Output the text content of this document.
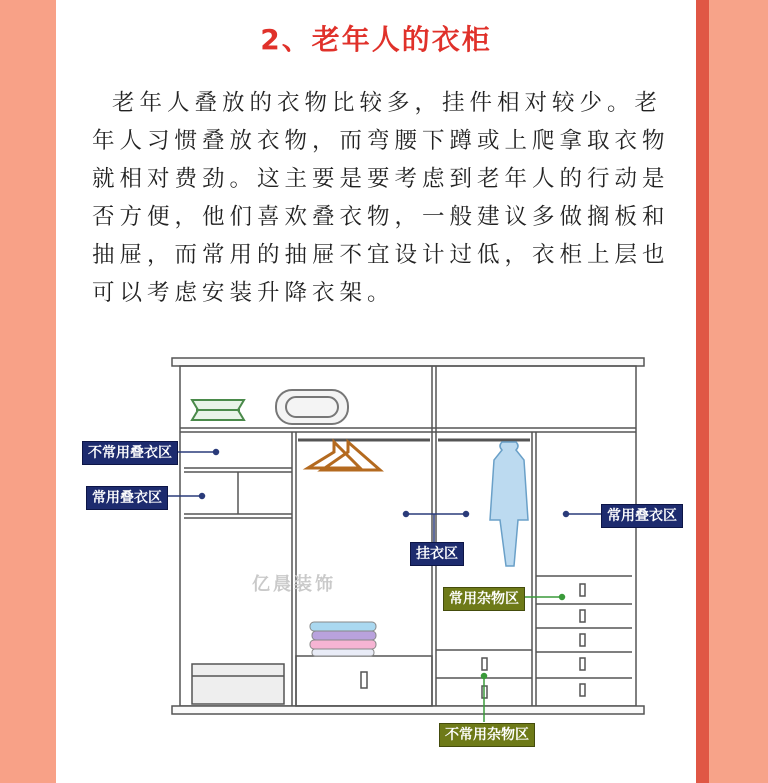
2、老年人的衣柜

老年人叠放的衣物比较多，挂件相对较少。老年人习惯叠放衣物，而弯腰下蹲或上爬拿取衣物就相对费劲。这主要是要考虑到老年人的行动是否方便，他们喜欢叠衣物，一般建议多做搁板和抽屉，而常用的抽屉不宜设计过低，衣柜上层也可以考虑安装升降衣架。

亿晨装饰
不常用叠衣区
常用叠衣区
挂衣区
常用叠衣区
常用杂物区
不常用杂物区
